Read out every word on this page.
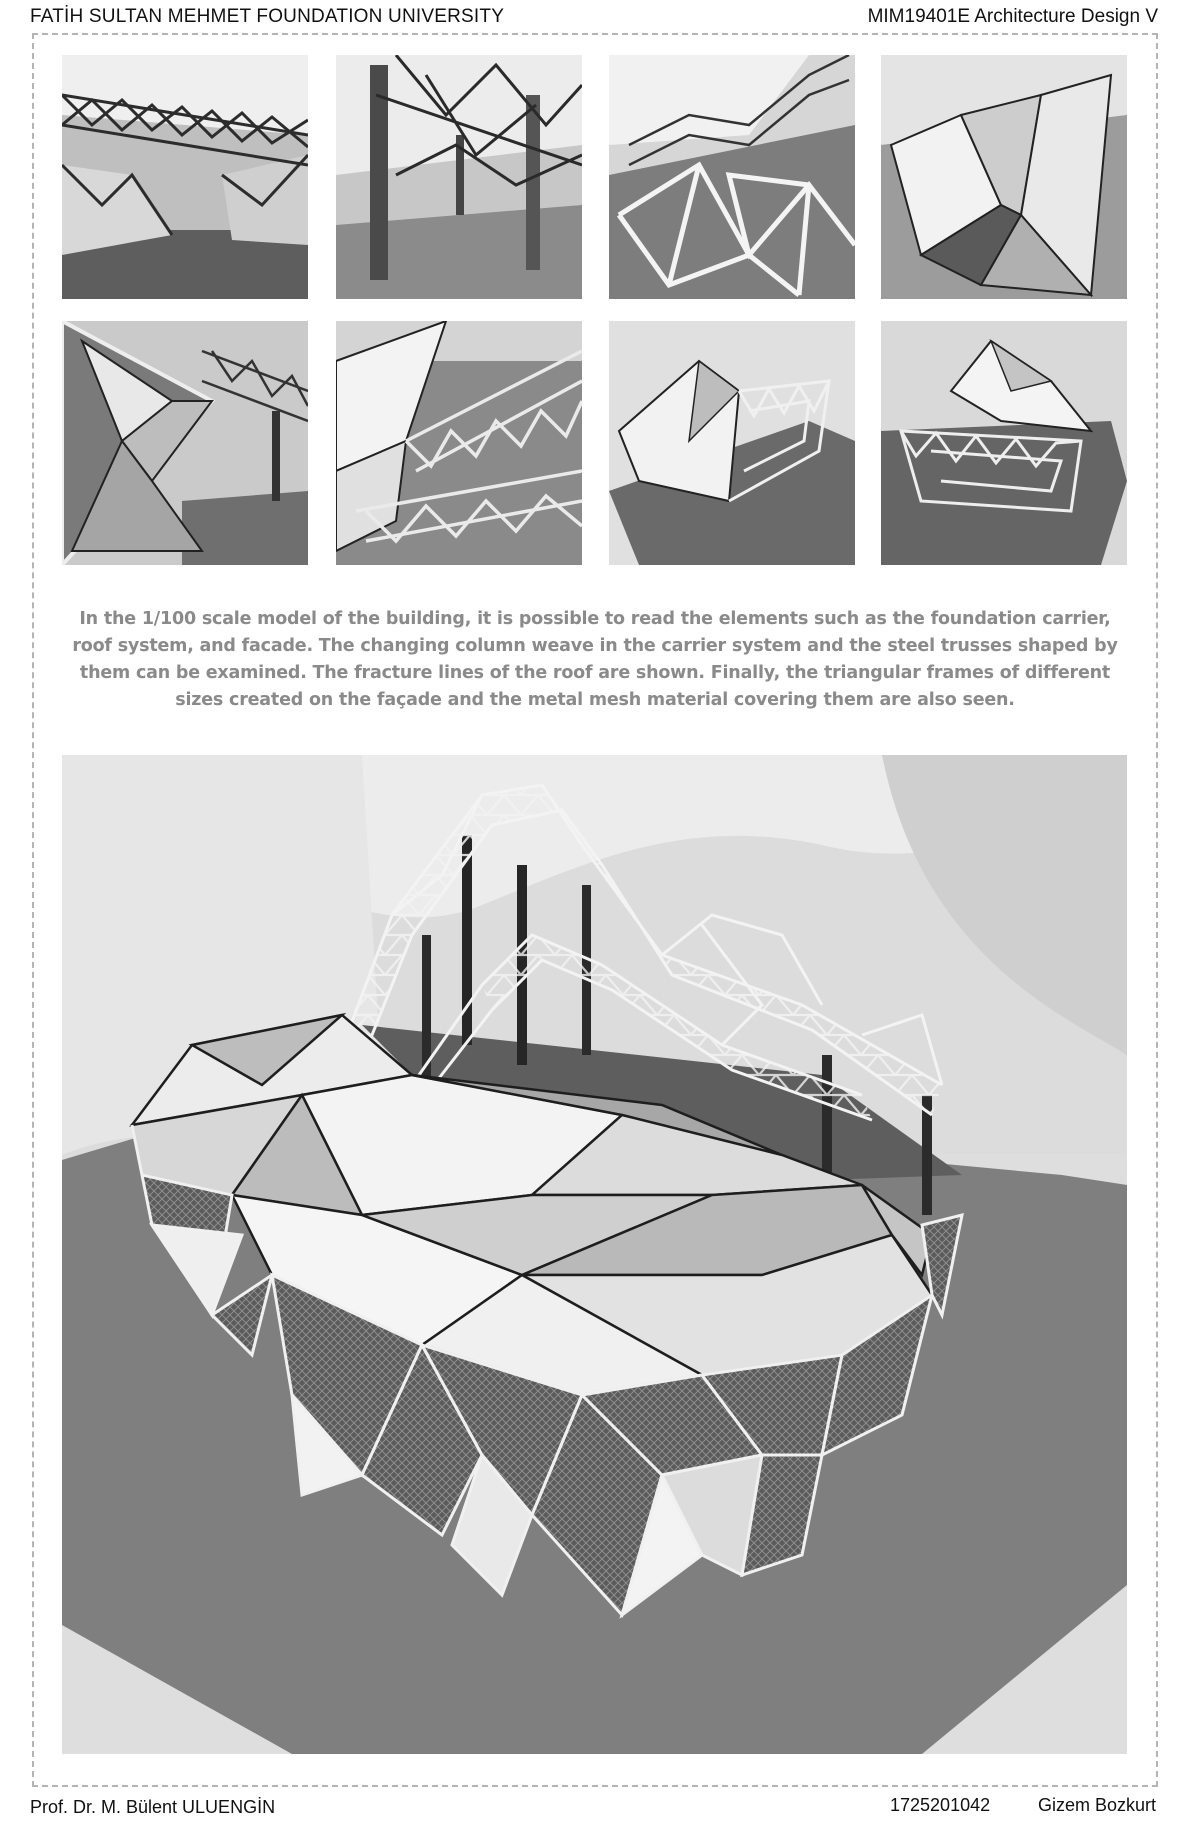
FATİH SULTAN MEHMET FOUNDATION UNIVERSITY	MIM19401E Architecture Design V
In the 1/100 scale model of the building, it is possible to read the elements such as the foundation carrier, roof system, and facade. The changing column weave in the carrier system and the steel trusses shaped by them can be examined. The fracture lines of the roof are shown. Finally, the triangular frames of different sizes created on the façade and the metal mesh material covering them are also seen.
Prof. Dr. M. Bülent ULUENGİN	1725201042	Gizem Bozkurt
